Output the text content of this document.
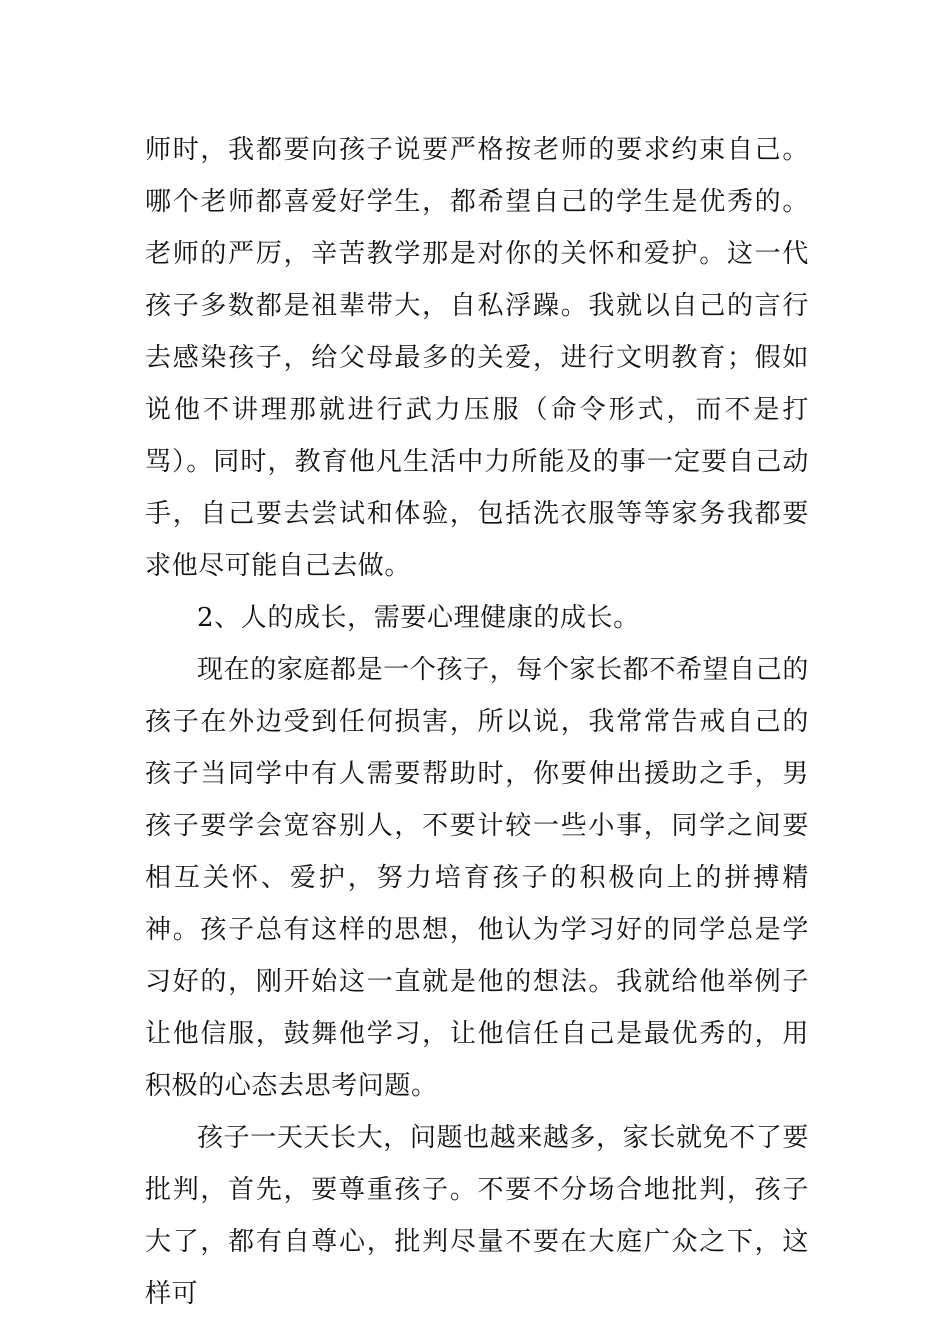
师时，我都要向孩子说要严格按老师的要求约束自己。哪个老师都喜爱好学生，都希望自己的学生是优秀的。老师的严厉，辛苦教学那是对你的关怀和爱护。这一代孩子多数都是祖辈带大，自私浮躁。我就以自己的言行去感染孩子，给父母最多的关爱，进行文明教育；假如说他不讲理那就进行武力压服（命令形式，而不是打骂）。同时，教育他凡生活中力所能及的事一定要自己动手，自己要去尝试和体验，包括洗衣服等等家务我都要求他尽可能自己去做。

2、人的成长，需要心理健康的成长。

现在的家庭都是一个孩子，每个家长都不希望自己的孩子在外边受到任何损害，所以说，我常常告戒自己的孩子当同学中有人需要帮助时，你要伸出援助之手，男孩子要学会宽容别人，不要计较一些小事，同学之间要相互关怀、爱护，努力培育孩子的积极向上的拼搏精神。孩子总有这样的思想，他认为学习好的同学总是学习好的，刚开始这一直就是他的想法。我就给他举例子让他信服，鼓舞他学习，让他信任自己是最优秀的，用积极的心态去思考问题。

孩子一天天长大，问题也越来越多，家长就免不了要批判，首先，要尊重孩子。不要不分场合地批判，孩子大了，都有自尊心，批判尽量不要在大庭广众之下，这样可
